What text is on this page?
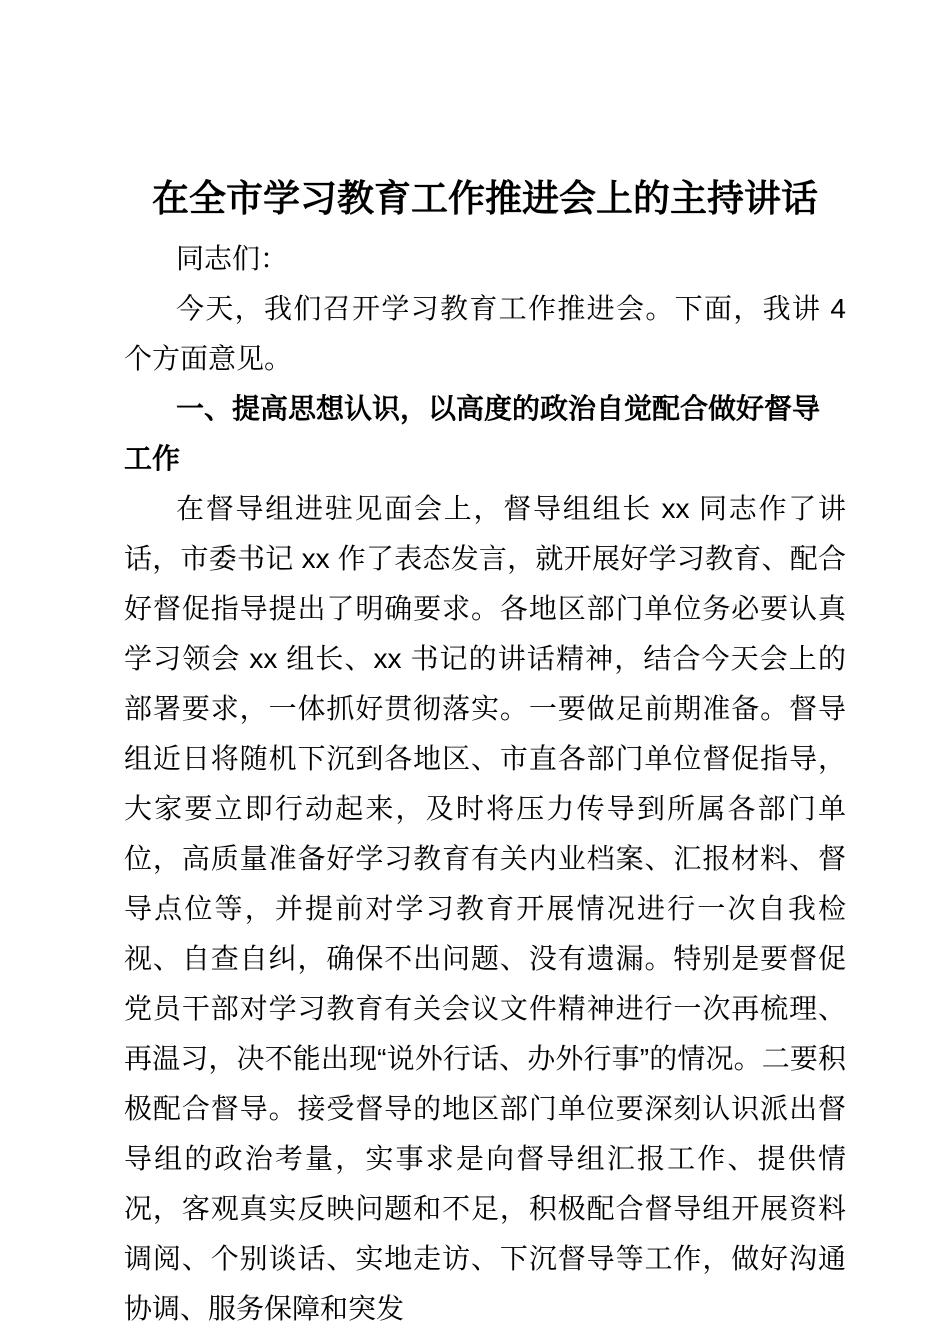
在全市学习教育工作推进会上的主持讲话

同志们：

今天，我们召开学习教育工作推进会。下面，我讲 4 个方面意见。

一、提高思想认识，以高度的政治自觉配合做好督导工作

在督导组进驻见面会上，督导组组长 xx 同志作了讲话，市委书记 xx 作了表态发言，就开展好学习教育、配合好督促指导提出了明确要求。各地区部门单位务必要认真学习领会 xx 组长、xx 书记的讲话精神，结合今天会上的部署要求，一体抓好贯彻落实。一要做足前期准备。督导组近日将随机下沉到各地区、市直各部门单位督促指导，大家要立即行动起来，及时将压力传导到所属各部门单位，高质量准备好学习教育有关内业档案、汇报材料、督导点位等，并提前对学习教育开展情况进行一次自我检视、自查自纠，确保不出问题、没有遗漏。特别是要督促党员干部对学习教育有关会议文件精神进行一次再梳理、再温习，决不能出现“说外行话、办外行事”的情况。二要积极配合督导。接受督导的地区部门单位要深刻认识派出督导组的政治考量，实事求是向督导组汇报工作、提供情况，客观真实反映问题和不足，积极配合督导组开展资料调阅、个别谈话、实地走访、下沉督导等工作，做好沟通协调、服务保障和突发
